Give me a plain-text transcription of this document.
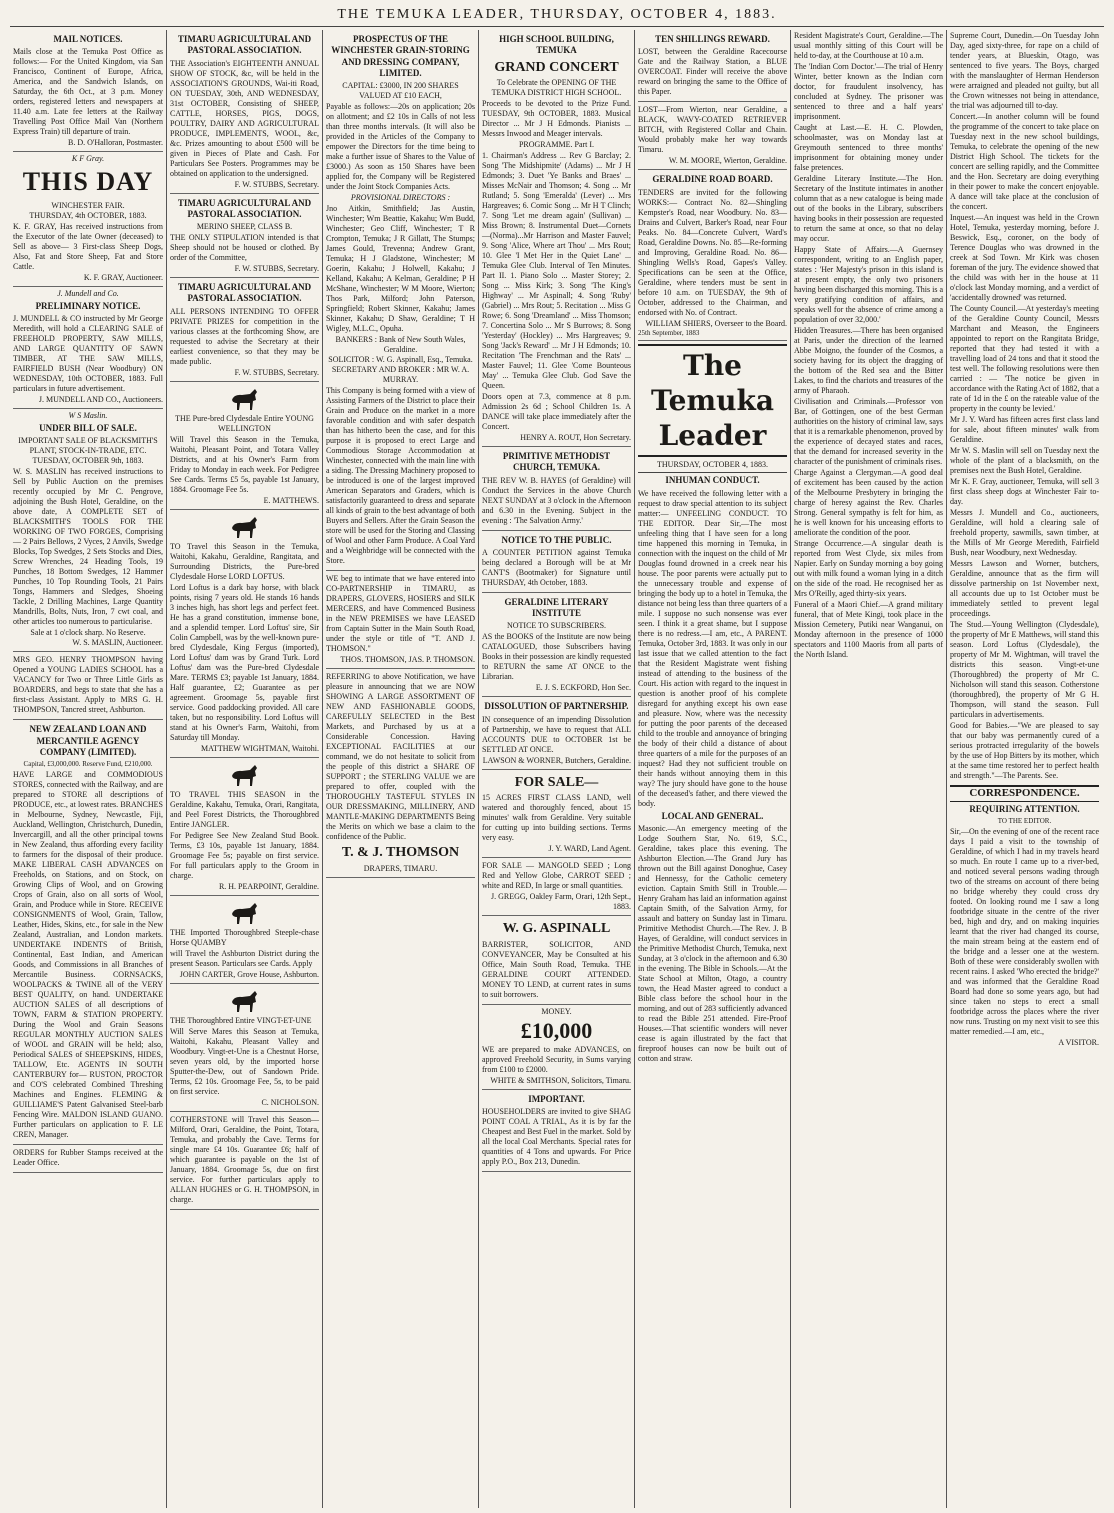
THE TEMUKA LEADER, THURSDAY, OCTOBER 4, 1883.
MAIL NOTICES.

Mails close at the Temuka Post Office as follows:— For the United Kingdom, via San Francisco, Continent of Europe, Africa, America, and the Sandwich Islands, on Saturday, the 6th Oct., at 3 p.m. Money orders, registered letters and newspapers at 11.40 a.m. Late fee letters at the Railway Travelling Post Office Mail Van (Northern Express Train) till departure of train.

B. D. O'Halloran, Postmaster.
K F Gray.
THIS DAY
WINCHESTER FAIR.
THURSDAY, 4th OCTOBER, 1883.

K. F. GRAY, Has received instructions from the Executor of the late Owner (deceased) to Sell as above— 3 First-class Sheep Dogs, Also, Fat and Store Sheep, Fat and Store Cattle.

K. F. GRAY, Auctioneer.
J. Mundell and Co.
PRELIMINARY NOTICE.

J. MUNDELL & CO instructed by Mr George Meredith, will hold a CLEARING SALE of FREEHOLD PROPERTY, SAW MILLS, AND LARGE QUANTITY OF SAWN TIMBER, AT THE SAW MILLS, FAIRFIELD BUSH (Near Woodbury) ON WEDNESDAY, 10th OCTOBER, 1883. Full particulars in future advertisement.

J. MUNDELL AND CO., Auctioneers.
W S Maslin.
UNDER BILL OF SALE.
IMPORTANT SALE OF BLACKSMITH'S PLANT, STOCK-IN-TRADE, ETC.
TUESDAY, OCTOBER 9th, 1883.

W. S. MASLIN has received instructions to Sell by Public Auction on the premises recently occupied by Mr C. Pengrove, adjoining the Bush Hotel, Geraldine, on the above date, A COMPLETE SET of BLACKSMITH'S TOOLS FOR THE WORKING OF TWO FORGES, Comprising— 2 Pairs Bellows, 2 Vyces, 2 Anvils, Swedge Blocks, Top Swedges, 2 Sets Stocks and Dies, Screw Wrenches, 24 Heading Tools, 19 Punches, 18 Bottom Swedges, 12 Hammer Punches, 10 Top Rounding Tools, 21 Pairs Tongs, Hammers and Sledges, Shoeing Tackle, 2 Drilling Machines, Large Quantity Mandrills, Bolts, Nuts, Iron, 7 cwt coal, and other articles too numerous to particularise.

Sale at 1 o'clock sharp. No Reserve.
W. S. MASLIN, Auctioneer.

MRS GEO. HENRY THOMPSON having Opened a YOUNG LADIES SCHOOL has a VACANCY for Two or Three Little Girls as BOARDERS, and begs to state that she has a first-class Assistant. Apply to MRS G. H. THOMPSON, Tancred street, Ashburton.

NEW ZEALAND LOAN AND MERCANTILE AGENCY COMPANY (LIMITED).
Capital, £3,000,000. Reserve Fund, £210,000.

HAVE LARGE and COMMODIOUS STORES, connected with the Railway, and are prepared to STORE all descriptions of PRODUCE, etc., at lowest rates. BRANCHES in Melbourne, Sydney, Newcastle, Fiji, Auckland, Wellington, Christchurch, Dunedin, Invercargill, and all the other principal towns in New Zealand, thus affording every facility to farmers for the disposal of their produce. MAKE LIBERAL CASH ADVANCES on Freeholds, on Stations, and on Stock, on Growing Clips of Wool, and on Growing Crops of Grain, also on all sorts of Wool, Grain, and Produce while in Store. RECEIVE CONSIGNMENTS of Wool, Grain, Tallow, Leather, Hides, Skins, etc., for sale in the New Zealand, Australian, and London markets. UNDERTAKE INDENTS of British, Continental, East Indian, and American Goods, and Commissions in all Branches of Mercantile Business. CORNSACKS, WOOLPACKS & TWINE all of the VERY BEST QUALITY, on hand. UNDERTAKE AUCTION SALES of all descriptions of TOWN, FARM & STATION PROPERTY. During the Wool and Grain Seasons REGULAR MONTHLY AUCTION SALES of WOOL and GRAIN will be held; also, Periodical SALES of SHEEPSKINS, HIDES, TALLOW, Etc. AGENTS IN SOUTH CANTERBURY for— RUSTON, PROCTOR and CO'S celebrated Combined Threshing Machines and Engines. FLEMING & GUILLIAME'S Patent Galvanised Steel-barb Fencing Wire. MALDON ISLAND GUANO. Further particulars on application to F. LE CREN, Manager.

ORDERS for Rubber Stamps received at the Leader Office.

TIMARU AGRICULTURAL AND PASTORAL ASSOCIATION.

THE Association's EIGHTEENTH ANNUAL SHOW OF STOCK, &c, will be held in the ASSOCIATION'S GROUNDS, Wai-iti Road, ON TUESDAY, 30th, AND WEDNESDAY, 31st OCTOBER, Consisting of SHEEP, CATTLE, HORSES, PIGS, DOGS, POULTRY, DAIRY AND AGRICULTURAL PRODUCE, IMPLEMENTS, WOOL, &c, &c. Prizes amounting to about £500 will be given in Pieces of Plate and Cash. For Particulars See Posters. Programmes may be obtained on application to the undersigned.

F. W. STUBBS, Secretary.
TIMARU AGRICULTURAL AND PASTORAL ASSOCIATION.
MERINO SHEEP, CLASS B.

THE ONLY STIPULATION intended is that Sheep should not be housed or clothed. By order of the Committee,

F. W. STUBBS, Secretary.
TIMARU AGRICULTURAL AND PASTORAL ASSOCIATION.

ALL PERSONS INTENDING TO OFFER PRIVATE PRIZES for competition in the various classes at the forthcoming Show, are requested to advise the Secretary at their earliest convenience, so that they may be made public.

F. W. STUBBS, Secretary.
THE Pure-bred Clydesdale Entire YOUNG WELLINGTON

Will Travel this Season in the Temuka, Waitohi, Pleasant Point, and Totara Valley Districts, and at his Owner's Farm from Friday to Monday in each week. For Pedigree See Cards. Terms £5 5s, payable 1st January, 1884. Groomage Fee 5s.

E. MATTHEWS.

TO Travel this Season in the Temuka, Waitohi, Kakahu, Geraldine, Rangitata, and Surrounding Districts, the Pure-bred Clydesdale Horse LORD LOFTUS.

Lord Loftus is a dark bay horse, with black points, rising 7 years old. He stands 16 hands 3 inches high, has short legs and perfect feet. He has a grand constitution, immense bone, and a splendid temper. Lord Loftus' sire, Sir Colin Campbell, was by the well-known pure-bred Clydesdale, King Fergus (imported), Lord Loftus' dam was by Grand Turk. Lord Loftus' dam was the Pure-bred Clydesdale Mare. TERMS £3; payable 1st January, 1884. Half guarantee, £2; Guarantee as per agreement. Groomage 5s, payable first service. Good paddocking provided. All care taken, but no responsibility. Lord Loftus will stand at his Owner's Farm, Waitohi, from Saturday till Monday.

MATTHEW WIGHTMAN, Waitohi.

TO TRAVEL THIS SEASON in the Geraldine, Kakahu, Temuka, Orari, Rangitata, and Peel Forest Districts, the Thoroughbred Entire JANGLER.

For Pedigree See New Zealand Stud Book. Terms, £3 10s, payable 1st January, 1884. Groomage Fee 5s; payable on first service. For full particulars apply to the Groom in charge.

R. H. PEARPOINT, Geraldine.

THE Imported Thoroughbred Steeple-chase Horse QUAMBY

will Travel the Ashburton District during the present Season. Particulars see Cards. Apply

JOHN CARTER, Grove House, Ashburton.

THE Thoroughbred Entire VINGT-ET-UNE

Will Serve Mares this Season at Temuka, Waitohi, Kakahu, Pleasant Valley and Woodbury. Vingt-et-Une is a Chestnut Horse, seven years old, by the imported horse Sputter-the-Dew, out of Sandown Pride. Terms, £2 10s. Groomage Fee, 5s, to be paid on first service.

C. NICHOLSON.

COTHERSTONE will Travel this Season—Milford, Orari, Geraldine, the Point, Totara, Temuka, and probably the Cave. Terms for single mare £4 10s. Guarantee £6; half of which guarantee is payable on the 1st of January, 1884. Groomage 5s, due on first service. For further particulars apply to ALLAN HUGHES or G. H. THOMPSON, in charge.

PROSPECTUS OF THE WINCHESTER GRAIN-STORING AND DRESSING COMPANY, LIMITED.
CAPITAL: £3000, IN 200 SHARES VALUED AT £10 EACH,

Payable as follows:—20s on application; 20s on allotment; and £2 10s in Calls of not less than three months intervals. (It will also be provided in the Articles of the Company to empower the Directors for the time being to make a further issue of Shares to the Value of £3000.) As soon as 150 Shares have been applied for, the Company will be Registered under the Joint Stock Companies Acts.

PROVISIONAL DIRECTORS :

Jno Aitkin, Smithfield; Jas Austin, Winchester; Wm Beattie, Kakahu; Wm Budd, Winchester; Geo Cliff, Winchester; T R Crompton, Temuka; J R Gillatt, The Stumps; James Gould, Trevenna; Andrew Grant, Temuka; H J Gladstone, Winchester; M Goerin, Kakahu; J Holwell, Kakahu; J Kelland, Kakahu; A Kelman, Geraldine; P H McShane, Winchester; W M Moore, Wierton; Thos Park, Milford; John Paterson, Springfield; Robert Skinner, Kakahu; James Skinner, Kakahu; D Shaw, Geraldine; T H Wigley, M.L.C., Opuha.

BANKERS : Bank of New South Wales, Geraldine.
SOLICITOR : W. G. Aspinall, Esq., Temuka.
SECRETARY AND BROKER : MR W. A. MURRAY.

This Company is being formed with a view of Assisting Farmers of the District to place their Grain and Produce on the market in a more favorable condition and with safer despatch than has hitherto been the case, and for this purpose it is proposed to erect Large and Commodious Storage Accommodation at Winchester, connected with the main line with a siding. The Dressing Machinery proposed to be introduced is one of the largest improved American Separators and Graders, which is satisfactorily guaranteed to dress and separate all kinds of grain to the best advantage of both Buyers and Sellers. After the Grain Season the store will be used for the Storing and Classing of Wool and other Farm Produce. A Coal Yard and a Weighbridge will be connected with the Store.

WE beg to intimate that we have entered into CO-PARTNERSHIP in TIMARU, as DRAPERS, GLOVERS, HOSIERS and SILK MERCERS, and have Commenced Business in the NEW PREMISES we have LEASED from Captain Sutter in the Main South Road, under the style or title of "T. AND J. THOMSON."

THOS. THOMSON, JAS. P. THOMSON.

REFERRING to above Notification, we have pleasure in announcing that we are NOW SHOWING A LARGE ASSORTMENT OF NEW AND FASHIONABLE GOODS, CAREFULLY SELECTED in the Best Markets, and Purchased by us at a Considerable Concession. Having EXCEPTIONAL FACILITIES at our command, we do not hesitate to solicit from the people of this district a SHARE OF SUPPORT ; the STERLING VALUE we are prepared to offer, coupled with the THOROUGHLY TASTEFUL STYLES IN OUR DRESSMAKING, MILLINERY, AND MANTLE-MAKING DEPARTMENTS Being the Merits on which we base a claim to the confidence of the Public.

T. & J. THOMSON
DRAPERS, TIMARU.
HIGH SCHOOL BUILDING, TEMUKA
GRAND CONCERT
To Celebrate the OPENING OF THE TEMUKA DISTRICT HIGH SCHOOL.

Proceeds to be devoted to the Prize Fund. TUESDAY, 9th OCTOBER, 1883. Musical Director ... Mr J H Edmonds. Pianists ... Messrs Inwood and Meager intervals.

PROGRAMME. Part I.

1. Chairman's Address ... Rev G Barclay; 2. Song 'The Midshipmite' (Adams) ... Mr J H Edmonds; 3. Duet 'Ye Banks and Braes' ... Misses McNair and Thomson; 4. Song ... Mr Rutland; 5. Song 'Emeralda' (Lever) ... Mrs Hargreaves; 6. Comic Song ... Mr H T Clinch; 7. Song 'Let me dream again' (Sullivan) ... Miss Brown; 8. Instrumental Duet—Cornets—(Norma)...Mr Harrison and Master Fauvel; 9. Song 'Alice, Where art Thou' ... Mrs Rout; 10. Glee 'I Met Her in the Quiet Lane' ... Temuka Glee Club. Interval of Ten Minutes. Part II. 1. Piano Solo ... Master Storey; 2. Song ... Miss Kirk; 3. Song 'The King's Highway' ... Mr Aspinall; 4. Song 'Ruby' (Gabriel) ... Mrs Rout; 5. Recitation ... Miss G Rowe; 6. Song 'Dreamland' ... Miss Thomson; 7. Concertina Solo ... Mr S Burrows; 8. Song 'Yesterday' (Hockley) ... Mrs Hargreaves; 9. Song 'Jack's Reward' ... Mr J H Edmonds; 10. Recitation 'The Frenchman and the Rats' ... Master Fauvel; 11. Glee 'Come Bounteous May' ... Temuka Glee Club. God Save the Queen.

Doors open at 7.3, commence at 8 p.m. Admission 2s 6d ; School Children 1s. A DANCE will take place immediately after the Concert.

HENRY A. ROUT, Hon Secretary.
PRIMITIVE METHODIST CHURCH, TEMUKA.

THE REV W. B. HAYES (of Geraldine) will Conduct the Services in the above Church NEXT SUNDAY at 3 o'clock in the Afternoon and 6.30 in the Evening. Subject in the evening : 'The Salvation Army.'

NOTICE TO THE PUBLIC.

A COUNTER PETITION against Temuka being declared a Borough will be at Mr CANT'S (Bootmaker) for Signature until THURSDAY, 4th October, 1883.

GERALDINE LITERARY INSTITUTE
NOTICE TO SUBSCRIBERS.

AS the BOOKS of the Institute are now being CATALOGUED, those Subscribers having Books in their possession are kindly requested to RETURN the same AT ONCE to the Librarian.

E. J. S. ECKFORD, Hon Sec.
DISSOLUTION OF PARTNERSHIP.

IN consequence of an impending Dissolution of Partnership, we have to request that ALL ACCOUNTS DUE to OCTOBER 1st be SETTLED AT ONCE.

LAWSON & WORNER, Butchers, Geraldine.
FOR SALE—

15 ACRES FIRST CLASS LAND, well watered and thoroughly fenced, about 15 minutes' walk from Geraldine. Very suitable for cutting up into building sections. Terms very easy.

J. Y. WARD, Land Agent.

FOR SALE — MANGOLD SEED ; Long Red and Yellow Globe, CARROT SEED ; white and RED, In large or small quantities.

J. GREGG, Oakley Farm, Orari, 12th Sept., 1883.
W. G. ASPINALL

BARRISTER, SOLICITOR, AND CONVEYANCER, May be Consulted at his Office, Main South Road, Temuka. THE GERALDINE COURT ATTENDED. MONEY TO LEND, at current rates in sums to suit borrowers.

MONEY.
£10,000

WE are prepared to make ADVANCES, on approved Freehold Security, in Sums varying from £100 to £2000.

WHITE & SMITHSON, Solicitors, Timaru.
IMPORTANT.

HOUSEHOLDERS are invited to give SHAG POINT COAL A TRIAL, As it is by far the Cheapest and Best Fuel in the market. Sold by all the local Coal Merchants. Special rates for quantities of 4 Tons and upwards. For Price apply P.O., Box 213, Dunedin.

TEN SHILLINGS REWARD.

LOST, between the Geraldine Racecourse Gate and the Railway Station, a BLUE OVERCOAT. Finder will receive the above reward on bringing the same to the Office of this Paper.

LOST—From Wierton, near Geraldine, a BLACK, WAVY-COATED RETRIEVER BITCH, with Registered Collar and Chain. Would probably make her way towards Timaru.

W. M. MOORE, Wierton, Geraldine.
GERALDINE ROAD BOARD.

TENDERS are invited for the following WORKS:— Contract No. 82—Shingling Kempster's Road, near Woodbury. No. 83—Drains and Culvert, Barker's Road, near Four Peaks. No. 84—Concrete Culvert, Ward's Road, Geraldine Downs. No. 85—Re-forming and Improving, Geraldine Road. No. 86—Shingling Wells's Road, Gapes's Valley. Specifications can be seen at the Office, Geraldine, where tenders must be sent in before 10 a.m. on TUESDAY, the 9th of October, addressed to the Chairman, and endorsed with No. of Contract.

WILLIAM SHIERS, Overseer to the Board.
25th September, 1883
The Temuka Leader
THURSDAY, OCTOBER 4, 1883.
INHUMAN CONDUCT.

We have received the following letter with a request to draw special attention to its subject matter:— UNFEELING CONDUCT. TO THE EDITOR. Dear Sir,—The most unfeeling thing that I have seen for a long time happened this morning in Temuka, in connection with the inquest on the child of Mr Douglas found drowned in a creek near his house. The poor parents were actually put to the unnecessary trouble and expense of bringing the body up to a hotel in Temuka, the distance not being less than three quarters of a mile. I suppose no such nonsense was ever seen. I think it a great shame, but I suppose there is no redress.—I am, etc., A PARENT. Temuka, October 3rd, 1883. It was only in our last issue that we called attention to the fact that the Resident Magistrate went fishing instead of attending to the business of the Court. His action with regard to the inquest in question is another proof of his complete disregard for anything except his own ease and pleasure. Now, where was the necessity for putting the poor parents of the deceased child to the trouble and annoyance of bringing the body of their child a distance of about three quarters of a mile for the purposes of an inquest? Had they not sufficient trouble on their hands without annoying them in this way? The jury should have gone to the house of the deceased's father, and there viewed the body.

LOCAL AND GENERAL.

Masonic.—An emergency meeting of the Lodge Southern Star, No. 619, S.C., Geraldine, takes place this evening. The Ashburton Election.—The Grand Jury has thrown out the Bill against Donoghue, Casey and Hennessy, for the Catholic cemetery eviction. Captain Smith Still in Trouble.—Henry Graham has laid an information against Captain Smith, of the Salvation Army, for assault and battery on Sunday last in Timaru. Primitive Methodist Church.—The Rev. J. B Hayes, of Geraldine, will conduct services in the Primitive Methodist Church, Temuka, next Sunday, at 3 o'clock in the afternoon and 6.30 in the evening. The Bible in Schools.—At the State School at Milton, Otago, a country town, the Head Master agreed to conduct a Bible class before the school hour in the morning, and out of 283 sufficiently advanced to read the Bible 251 attended. Fire-Proof Houses.—That scientific wonders will never cease is again illustrated by the fact that fireproof houses can now be built out of cotton and straw.

Resident Magistrate's Court, Geraldine.—The usual monthly sitting of this Court will be held to-day, at the Courthouse at 10 a.m.

The 'Indian Corn Doctor.'—The trial of Henry Winter, better known as the Indian corn doctor, for fraudulent insolvency, has concluded at Sydney. The prisoner was sentenced to three and a half years' imprisonment.

Caught at Last.—E. H. C. Plowden, schoolmaster, was on Monday last at Greymouth sentenced to three months' imprisonment for obtaining money under false pretences.

Geraldine Literary Institute.—The Hon. Secretary of the Institute intimates in another column that as a new catalogue is being made out of the books in the Library, subscribers having books in their possession are requested to return the same at once, so that no delay may occur.

Happy State of Affairs.—A Guernsey correspondent, writing to an English paper, states : 'Her Majesty's prison in this island is at present empty, the only two prisoners having been discharged this morning. This is a very gratifying condition of affairs, and speaks well for the absence of crime among a population of over 32,000.'

Hidden Treasures.—There has been organised at Paris, under the direction of the learned Abbe Moigno, the founder of the Cosmos, a society having for its object the dragging of the bottom of the Red sea and the Bitter Lakes, to find the chariots and treasures of the army of Pharaoh.

Civilisation and Criminals.—Professor von Bar, of Gottingen, one of the best German authorities on the history of criminal law, says that it is a remarkable phenomenon, proved by the experience of decayed states and races, that the demand for increased severity in the character of the punishment of criminals rises.

Charge Against a Clergyman.—A good deal of excitement has been caused by the action of the Melbourne Presbytery in bringing the charge of heresy against the Rev. Charles Strong. General sympathy is felt for him, as he is well known for his unceasing efforts to ameliorate the condition of the poor.

Strange Occurrence.—A singular death is reported from West Clyde, six miles from Napier. Early on Sunday morning a boy going out with milk found a woman lying in a ditch on the side of the road. He recognised her as Mrs O'Reilly, aged thirty-six years.

Funeral of a Maori Chief.—A grand military funeral, that of Mete Kingi, took place in the Mission Cemetery, Putiki near Wanganui, on Monday afternoon in the presence of 1000 spectators and 1100 Maoris from all parts of the North Island.

Supreme Court, Dunedin.—On Tuesday John Day, aged sixty-three, for rape on a child of tender years, at Blueskin, Otago, was sentenced to five years. The Boys, charged with the manslaughter of Herman Henderson were arraigned and pleaded not guilty, but all the Crown witnesses not being in attendance, the trial was adjourned till to-day.

Concert.—In another column will be found the programme of the concert to take place on Tuesday next in the new school buildings, Temuka, to celebrate the opening of the new District High School. The tickets for the concert are selling rapidly, and the Committee and the Hon. Secretary are doing everything in their power to make the concert enjoyable. A dance will take place at the conclusion of the concert.

Inquest.—An inquest was held in the Crown Hotel, Temuka, yesterday morning, before J. Beswick, Esq., coroner, on the body of Terence Douglas who was drowned in the creek at Sod Town. Mr Kirk was chosen foreman of the jury. The evidence showed that the child was with her in the house at 11 o'clock last Monday morning, and a verdict of 'accidentally drowned' was returned.

The County Council.—At yesterday's meeting of the Geraldine County Council, Messrs Marchant and Meason, the Engineers appointed to report on the Rangitata Bridge, reported that they had tested it with a travelling load of 24 tons and that it stood the test well. The following resolutions were then carried : — 'The notice be given in accordance with the Rating Act of 1882, that a rate of 1d in the £ on the rateable value of the property in the county be levied.'

Mr J. Y. Ward has fifteen acres first class land for sale, about fifteen minutes' walk from Geraldine.

Mr W. S. Maslin will sell on Tuesday next the whole of the plant of a blacksmith, on the premises next the Bush Hotel, Geraldine.

Mr K. F. Gray, auctioneer, Temuka, will sell 3 first class sheep dogs at Winchester Fair to-day.

Messrs J. Mundell and Co., auctioneers, Geraldine, will hold a clearing sale of freehold property, sawmills, sawn timber, at the Mills of Mr George Meredith, Fairfield Bush, near Woodbury, next Wednesday.

Messrs Lawson and Worner, butchers, Geraldine, announce that as the firm will dissolve partnership on 1st November next, all accounts due up to 1st October must be immediately settled to prevent legal proceedings.

The Stud.—Young Wellington (Clydesdale), the property of Mr E Matthews, will stand this season. Lord Loftus (Clydesdale), the property of Mr M. Wightman, will travel the districts this season. Vingt-et-une (Thoroughbred) the property of Mr C. Nicholson will stand this season. Cotherstone (thoroughbred), the property of Mr G H. Thompson, will stand the season. Full particulars in advertisements.

Good for Babies.—"We are pleased to say that our baby was permanently cured of a serious protracted irregularity of the bowels by the use of Hop Bitters by its mother, which at the same time restored her to perfect health and strength."—The Parents. See.

CORRESPONDENCE.
REQUIRING ATTENTION.
TO THE EDITOR.

Sir,—On the evening of one of the recent race days I paid a visit to the township of Geraldine, of which I had in my travels heard so much. En route I came up to a river-bed, and noticed several persons wading through two of the streams on account of there being no bridge whereby they could cross dry footed. On looking round me I saw a long footbridge situate in the centre of the river bed, high and dry, and on making inquiries learnt that the river had changed its course, the main stream being at the eastern end of the bridge and a lesser one at the western. Both of these were considerably swollen with recent rains. I asked 'Who erected the bridge?' and was informed that the Geraldine Road Board had done so some years ago, but had since taken no steps to erect a small footbridge across the places where the river now runs. Trusting on my next visit to see this matter remedied.—I am, etc.,

A VISITOR.
